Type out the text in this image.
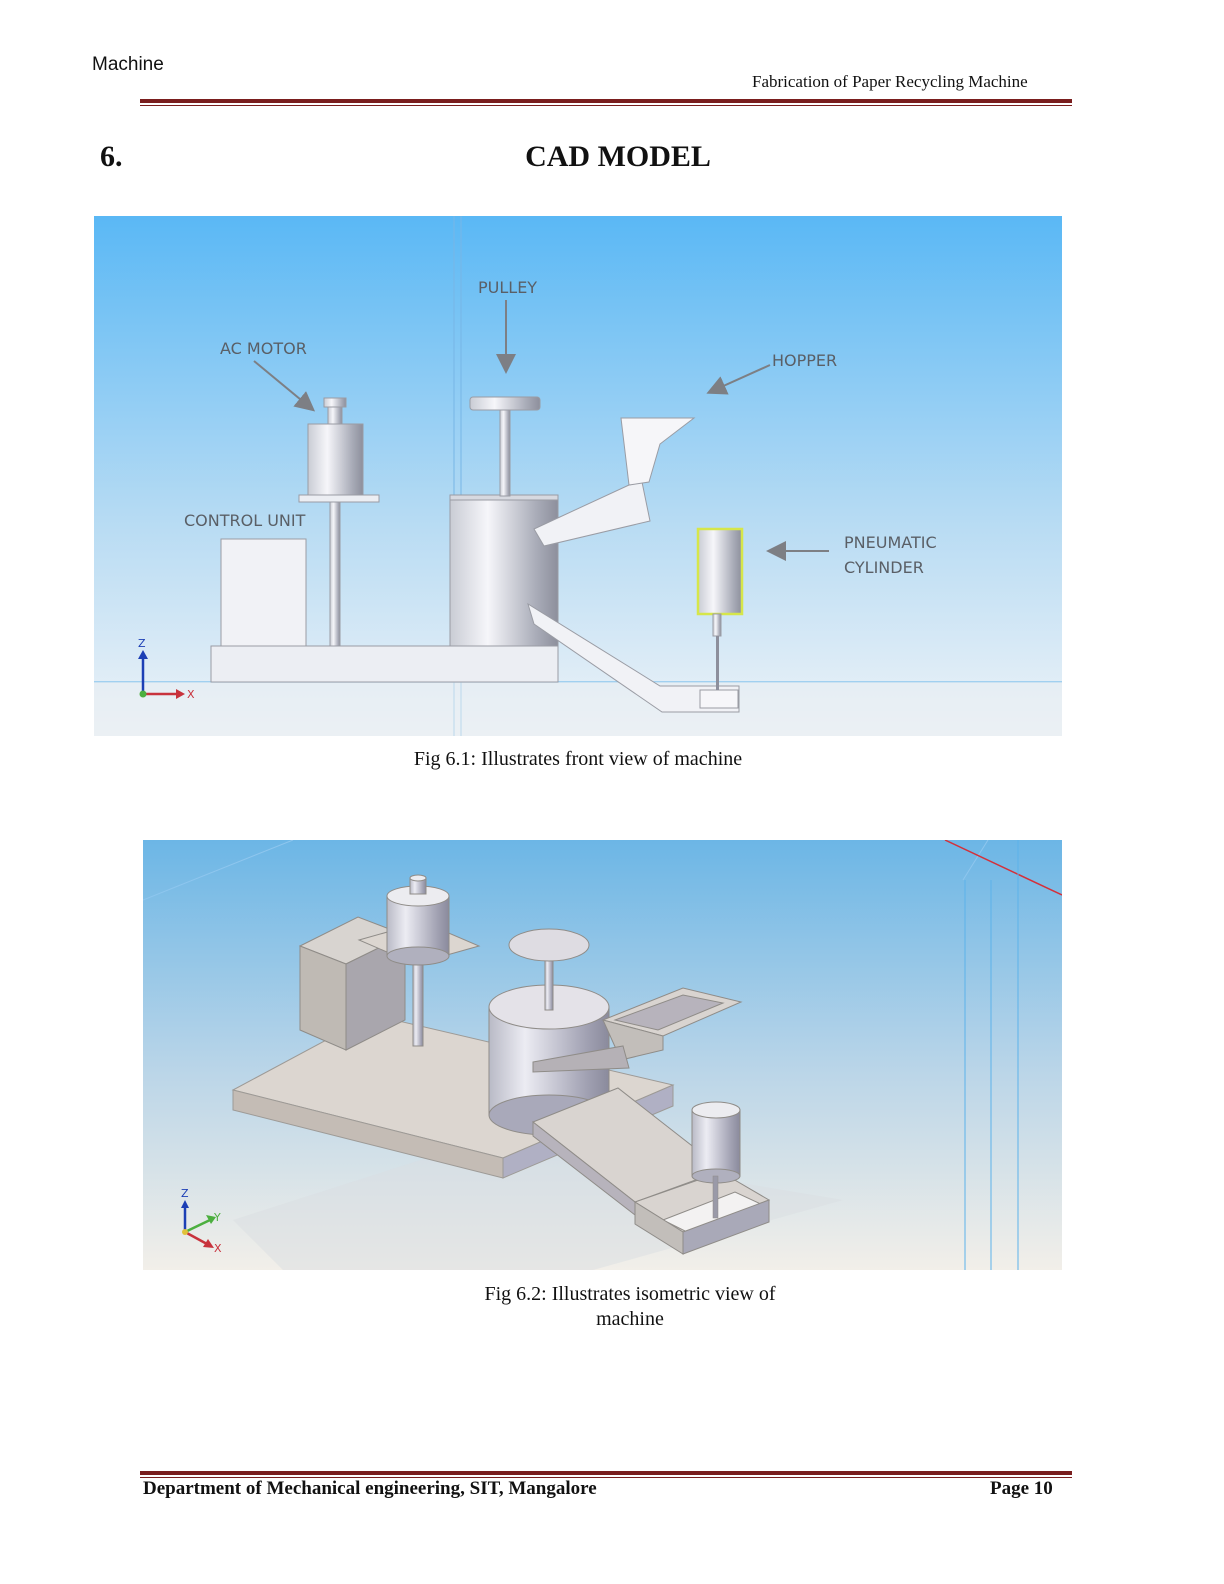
Machine
Fabrication of Paper Recycling Machine
CAD MODEL
6.
PULLEY
AC MOTOR
HOPPER
CONTROL UNIT
PNEUMATIC
CYLINDER
Z
X
Fig 6.1: Illustrates front view of machine
Z
Y
X
Fig 6.2: Illustrates isometric view of
machine
Department of Mechanical engineering, SIT, Mangalore	Page 10
